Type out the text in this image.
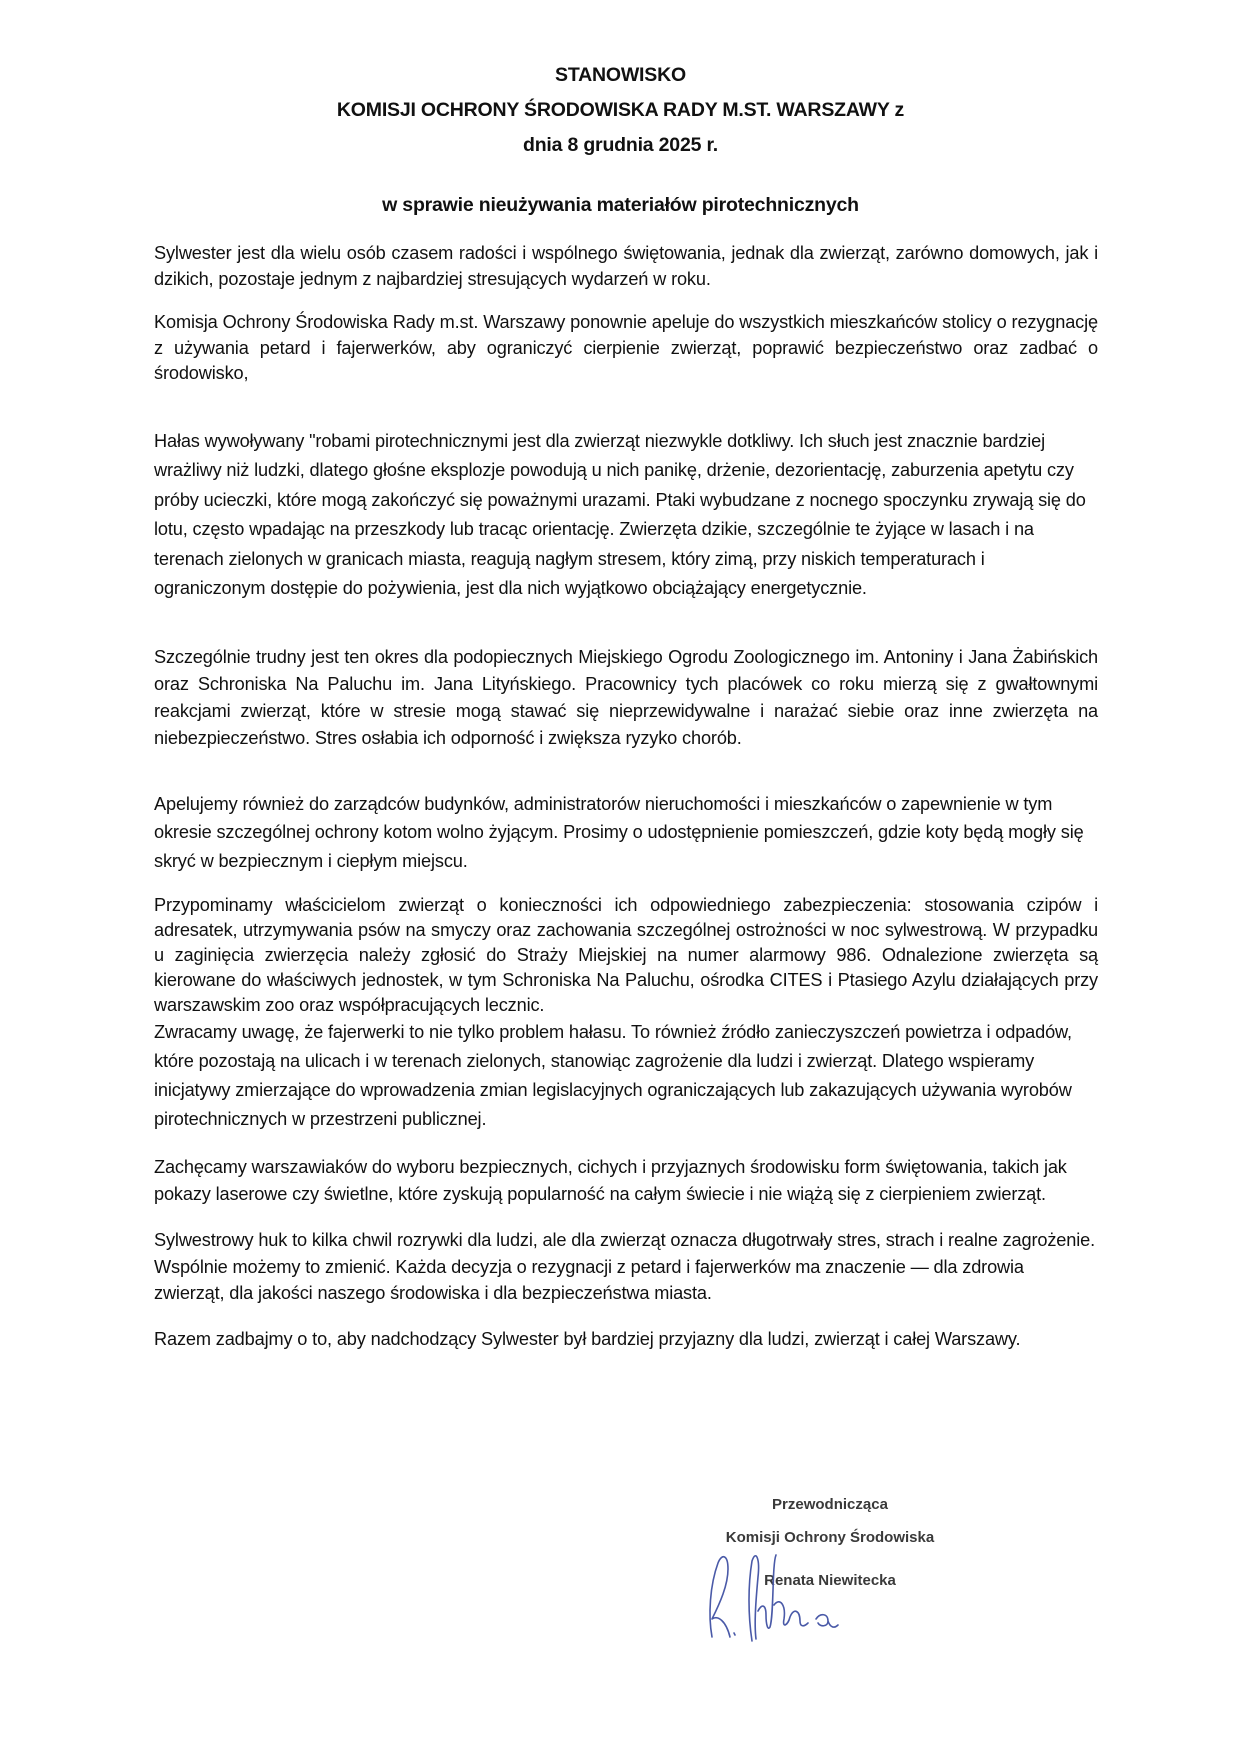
STANOWISKO
KOMISJI OCHRONY ŚRODOWISKA RADY M.ST. WARSZAWY z
dnia 8 grudnia 2025 r.
w sprawie nieużywania materiałów pirotechnicznych

Sylwester jest dla wielu osób czasem radości i wspólnego świętowania, jednak dla zwierząt, zarówno domowych, jak i dzikich, pozostaje jednym z najbardziej stresujących wydarzeń w roku.

Komisja Ochrony Środowiska Rady m.st. Warszawy ponownie apeluje do wszystkich mieszkańców stolicy o rezygnację z używania petard i fajerwerków, aby ograniczyć cierpienie zwierząt, poprawić bezpieczeństwo oraz zadbać o środowisko,

Hałas wywoływany "robami pirotechnicznymi jest dla zwierząt niezwykle dotkliwy. Ich słuch jest znacznie bardziej wrażliwy niż ludzki, dlatego głośne eksplozje powodują u nich panikę, drżenie, dezorientację, zaburzenia apetytu czy próby ucieczki, które mogą zakończyć się poważnymi urazami. Ptaki wybudzane z nocnego spoczynku zrywają się do lotu, często wpadając na przeszkody lub tracąc orientację. Zwierzęta dzikie, szczególnie te żyjące w lasach i na terenach zielonych w granicach miasta, reagują nagłym stresem, który zimą, przy niskich temperaturach i ograniczonym dostępie do pożywienia, jest dla nich wyjątkowo obciążający energetycznie.

Szczególnie trudny jest ten okres dla podopiecznych Miejskiego Ogrodu Zoologicznego im. Antoniny i Jana Żabińskich oraz Schroniska Na Paluchu im. Jana Lityńskiego. Pracownicy tych placówek co roku mierzą się z gwałtownymi reakcjami zwierząt, które w stresie mogą stawać się nieprzewidywalne i narażać siebie oraz inne zwierzęta na niebezpieczeństwo. Stres osłabia ich odporność i zwiększa ryzyko chorób.

Apelujemy również do zarządców budynków, administratorów nieruchomości i mieszkańców o zapewnienie w tym okresie szczególnej ochrony kotom wolno żyjącym. Prosimy o udostępnienie pomieszczeń, gdzie koty będą mogły się skryć w bezpiecznym i ciepłym miejscu.

Przypominamy właścicielom zwierząt o konieczności ich odpowiedniego zabezpieczenia: stosowania czipów i adresatek, utrzymywania psów na smyczy oraz zachowania szczególnej ostrożności w noc sylwestrową. W przypadku u zaginięcia zwierzęcia należy zgłosić do Straży Miejskiej na numer alarmowy 986. Odnalezione zwierzęta są kierowane do właściwych jednostek, w tym Schroniska Na Paluchu, ośrodka CITES i Ptasiego Azylu działających przy warszawskim zoo oraz współpracujących lecznic.

Zwracamy uwagę, że fajerwerki to nie tylko problem hałasu. To również źródło zanieczyszczeń powietrza i odpadów, które pozostają na ulicach i w terenach zielonych, stanowiąc zagrożenie dla ludzi i zwierząt. Dlatego wspieramy inicjatywy zmierzające do wprowadzenia zmian legislacyjnych ograniczających lub zakazujących używania wyrobów pirotechnicznych w przestrzeni publicznej.

Zachęcamy warszawiaków do wyboru bezpiecznych, cichych i przyjaznych środowisku form świętowania, takich jak pokazy laserowe czy świetlne, które zyskują popularność na całym świecie i nie wiążą się z cierpieniem zwierząt.

Sylwestrowy huk to kilka chwil rozrywki dla ludzi, ale dla zwierząt oznacza długotrwały stres, strach i realne zagrożenie. Wspólnie możemy to zmienić. Każda decyzja o rezygnacji z petard i fajerwerków ma znaczenie — dla zdrowia zwierząt, dla jakości naszego środowiska i dla bezpieczeństwa miasta.

Razem zadbajmy o to, aby nadchodzący Sylwester był bardziej przyjazny dla ludzi, zwierząt i całej Warszawy.

Przewodnicząca
Komisji Ochrony Środowiska
Renata Niewitecka
